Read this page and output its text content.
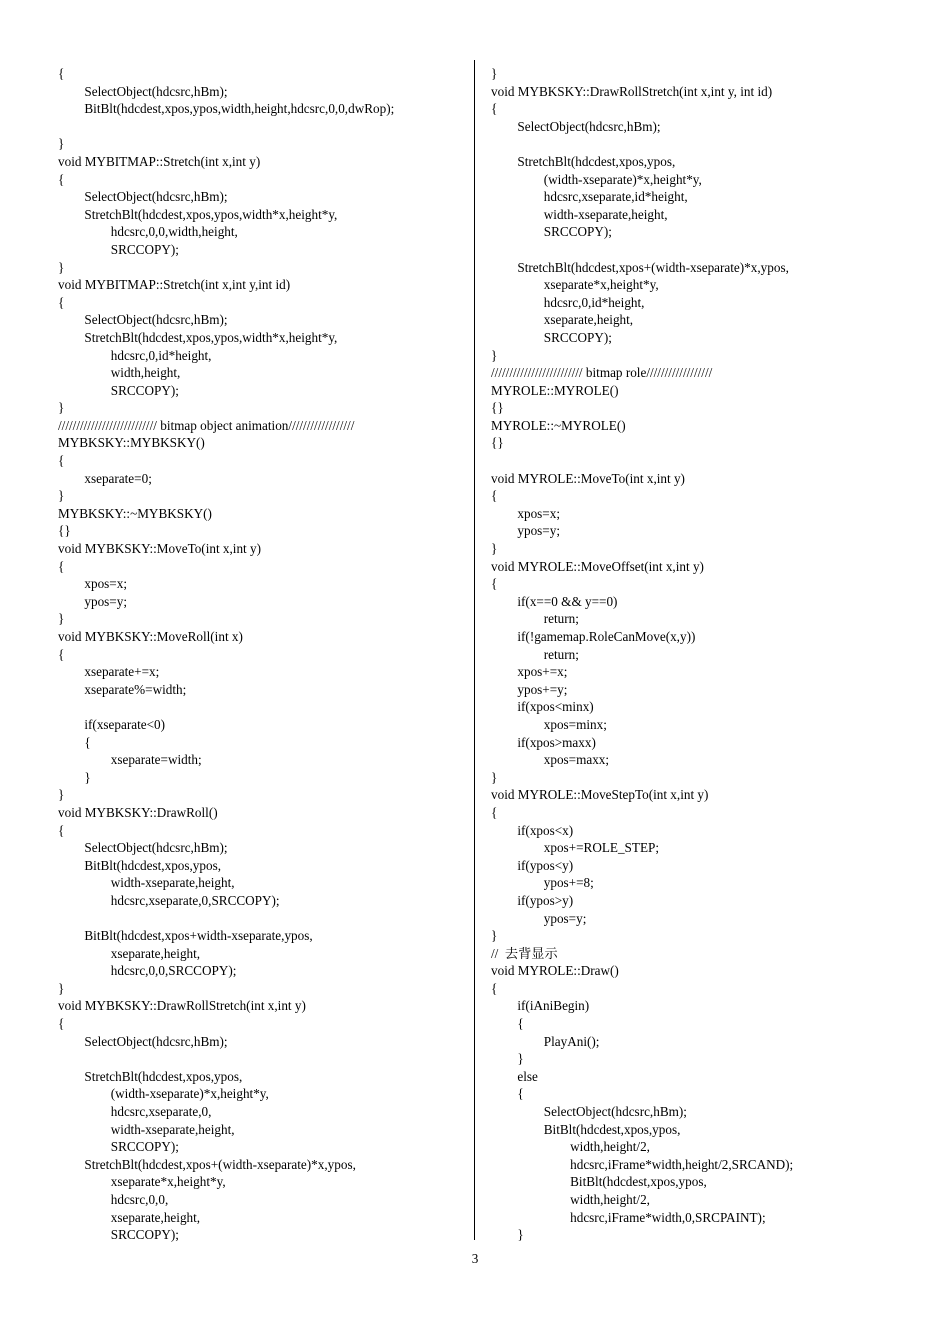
{
SelectObject(hdcsrc,hBm);
BitBlt(hdcdest,xpos,ypos,width,height,hdcsrc,0,0,dwRop);
}
void MYBITMAP::Stretch(int x,int y)
{
SelectObject(hdcsrc,hBm);
StretchBlt(hdcdest,xpos,ypos,width*x,height*y,
hdcsrc,0,0,width,height,
SRCCOPY);
}
void MYBITMAP::Stretch(int x,int y,int id)
{
SelectObject(hdcsrc,hBm);
StretchBlt(hdcdest,xpos,ypos,width*x,height*y,
hdcsrc,0,id*height,
width,height,
SRCCOPY);
}
/////////////////////////// bitmap object animation//////////////////
MYBKSKY::MYBKSKY()
{
xseparate=0;
}
MYBKSKY::~MYBKSKY()
{}
void MYBKSKY::MoveTo(int x,int y)
{
xpos=x;
ypos=y;
}
void MYBKSKY::MoveRoll(int x)
{
xseparate+=x;
xseparate%=width;
if(xseparate<0)
{
xseparate=width;
}
}
void MYBKSKY::DrawRoll()
{
SelectObject(hdcsrc,hBm);
BitBlt(hdcdest,xpos,ypos,
width-xseparate,height,
hdcsrc,xseparate,0,SRCCOPY);
BitBlt(hdcdest,xpos+width-xseparate,ypos,
xseparate,height,
hdcsrc,0,0,SRCCOPY);
}
void MYBKSKY::DrawRollStretch(int x,int y)
{
SelectObject(hdcsrc,hBm);
StretchBlt(hdcdest,xpos,ypos,
(width-xseparate)*x,height*y,
hdcsrc,xseparate,0,
width-xseparate,height,
SRCCOPY);
StretchBlt(hdcdest,xpos+(width-xseparate)*x,ypos,
xseparate*x,height*y,
hdcsrc,0,0,
xseparate,height,
SRCCOPY);
}
void MYBKSKY::DrawRollStretch(int x,int y, int id)
{
SelectObject(hdcsrc,hBm);
StretchBlt(hdcdest,xpos,ypos,
(width-xseparate)*x,height*y,
hdcsrc,xseparate,id*height,
width-xseparate,height,
SRCCOPY);
StretchBlt(hdcdest,xpos+(width-xseparate)*x,ypos,
xseparate*x,height*y,
hdcsrc,0,id*height,
xseparate,height,
SRCCOPY);
}
///////////////////////// bitmap role//////////////////
MYROLE::MYROLE()
{}
MYROLE::~MYROLE()
{}
void MYROLE::MoveTo(int x,int y)
{
xpos=x;
ypos=y;
}
void MYROLE::MoveOffset(int x,int y)
{
if(x==0 && y==0)
return;
if(!gamemap.RoleCanMove(x,y))
return;
xpos+=x;
ypos+=y;
if(xpos<minx)
xpos=minx;
if(xpos>maxx)
xpos=maxx;
}
void MYROLE::MoveStepTo(int x,int y)
{
if(xpos<x)
xpos+=ROLE_STEP;
if(ypos<y)
ypos+=8;
if(ypos>y)
ypos=y;
}
//  去背显示
void MYROLE::Draw()
{
if(iAniBegin)
{
PlayAni();
}
else
{
SelectObject(hdcsrc,hBm);
BitBlt(hdcdest,xpos,ypos,
width,height/2,
hdcsrc,iFrame*width,height/2,SRCAND);
BitBlt(hdcdest,xpos,ypos,
width,height/2,
hdcsrc,iFrame*width,0,SRCPAINT);
}
3
